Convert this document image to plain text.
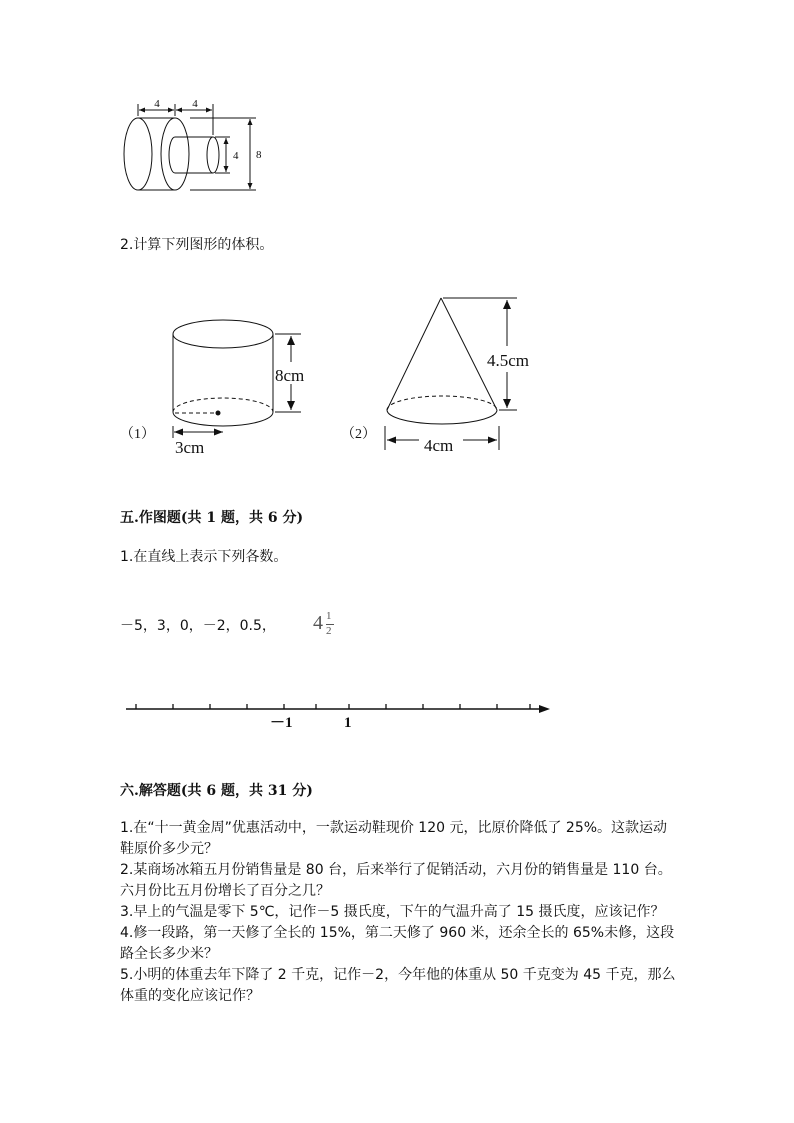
4	4
4 8
2.计算下列图形的体积。
（1）
8cm
3cm
（2）
4.5cm
4cm
五.作图题(共 1 题，共 6 分)
1.在直线上表示下列各数。
－5，3，0，－2，0.5， 4 1
2
－1	1
六.解答题(共 6 题，共 31 分)

1.在“十一黄金周”优惠活动中，一款运动鞋现价 120 元，比原价降低了 25%。这款运动鞋原价多少元？

2.某商场冰箱五月份销售量是 80 台，后来举行了促销活动，六月份的销售量是 110 台。六月份比五月份增长了百分之几？

3.早上的气温是零下 5℃，记作－5 摄氏度，下午的气温升高了 15 摄氏度，应该记作？

4.修一段路，第一天修了全长的 15%，第二天修了 960 米，还余全长的 65%未修，这段路全长多少米？

5.小明的体重去年下降了 2 千克，记作－2，今年他的体重从 50 千克变为 45 千克，那么体重的变化应该记作？
